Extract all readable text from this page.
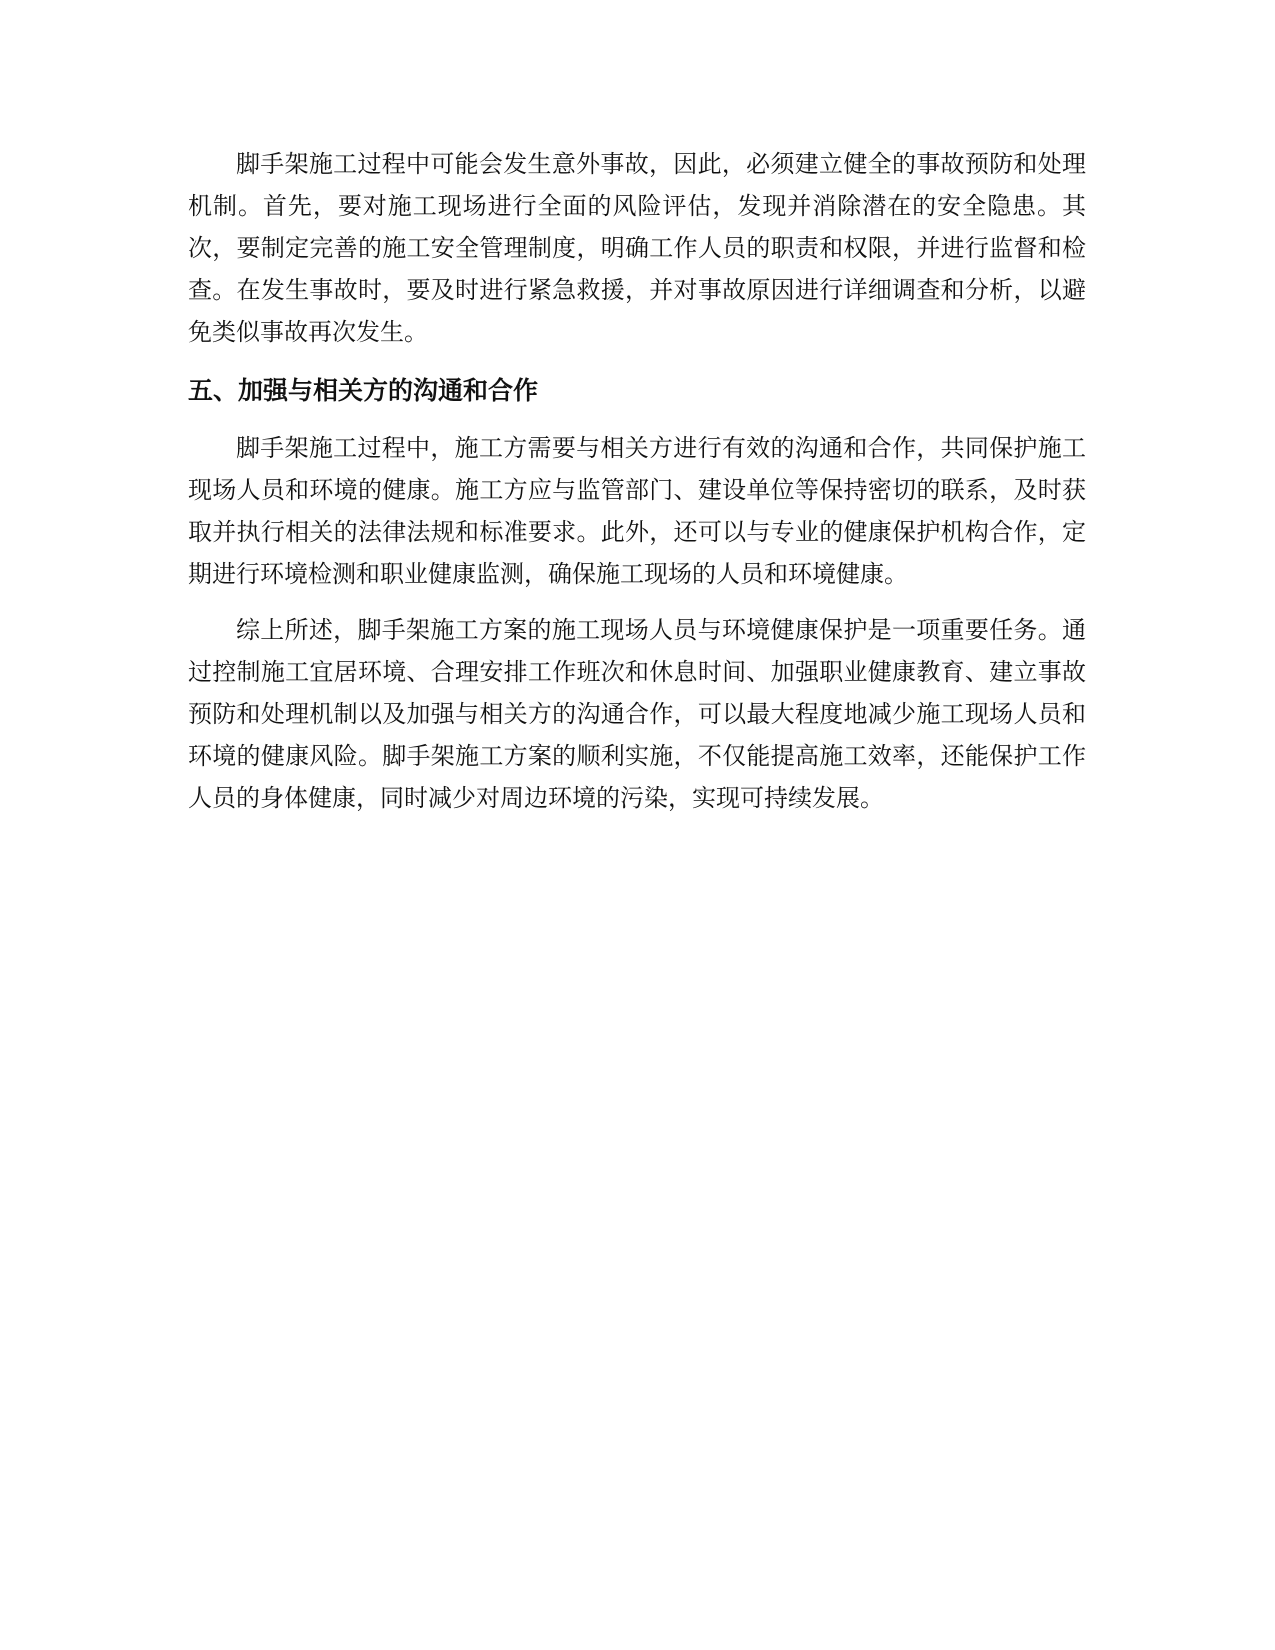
脚手架施工过程中可能会发生意外事故，因此，必须建立健全的事故预防和处理机制。首先，要对施工现场进行全面的风险评估，发现并消除潜在的安全隐患。其次，要制定完善的施工安全管理制度，明确工作人员的职责和权限，并进行监督和检查。在发生事故时，要及时进行紧急救援，并对事故原因进行详细调查和分析，以避免类似事故再次发生。

五、加强与相关方的沟通和合作

脚手架施工过程中，施工方需要与相关方进行有效的沟通和合作，共同保护施工现场人员和环境的健康。施工方应与监管部门、建设单位等保持密切的联系，及时获取并执行相关的法律法规和标准要求。此外，还可以与专业的健康保护机构合作，定期进行环境检测和职业健康监测，确保施工现场的人员和环境健康。

综上所述，脚手架施工方案的施工现场人员与环境健康保护是一项重要任务。通过控制施工宜居环境、合理安排工作班次和休息时间、加强职业健康教育、建立事故预防和处理机制以及加强与相关方的沟通合作，可以最大程度地减少施工现场人员和环境的健康风险。脚手架施工方案的顺利实施，不仅能提高施工效率，还能保护工作人员的身体健康，同时减少对周边环境的污染，实现可持续发展。
